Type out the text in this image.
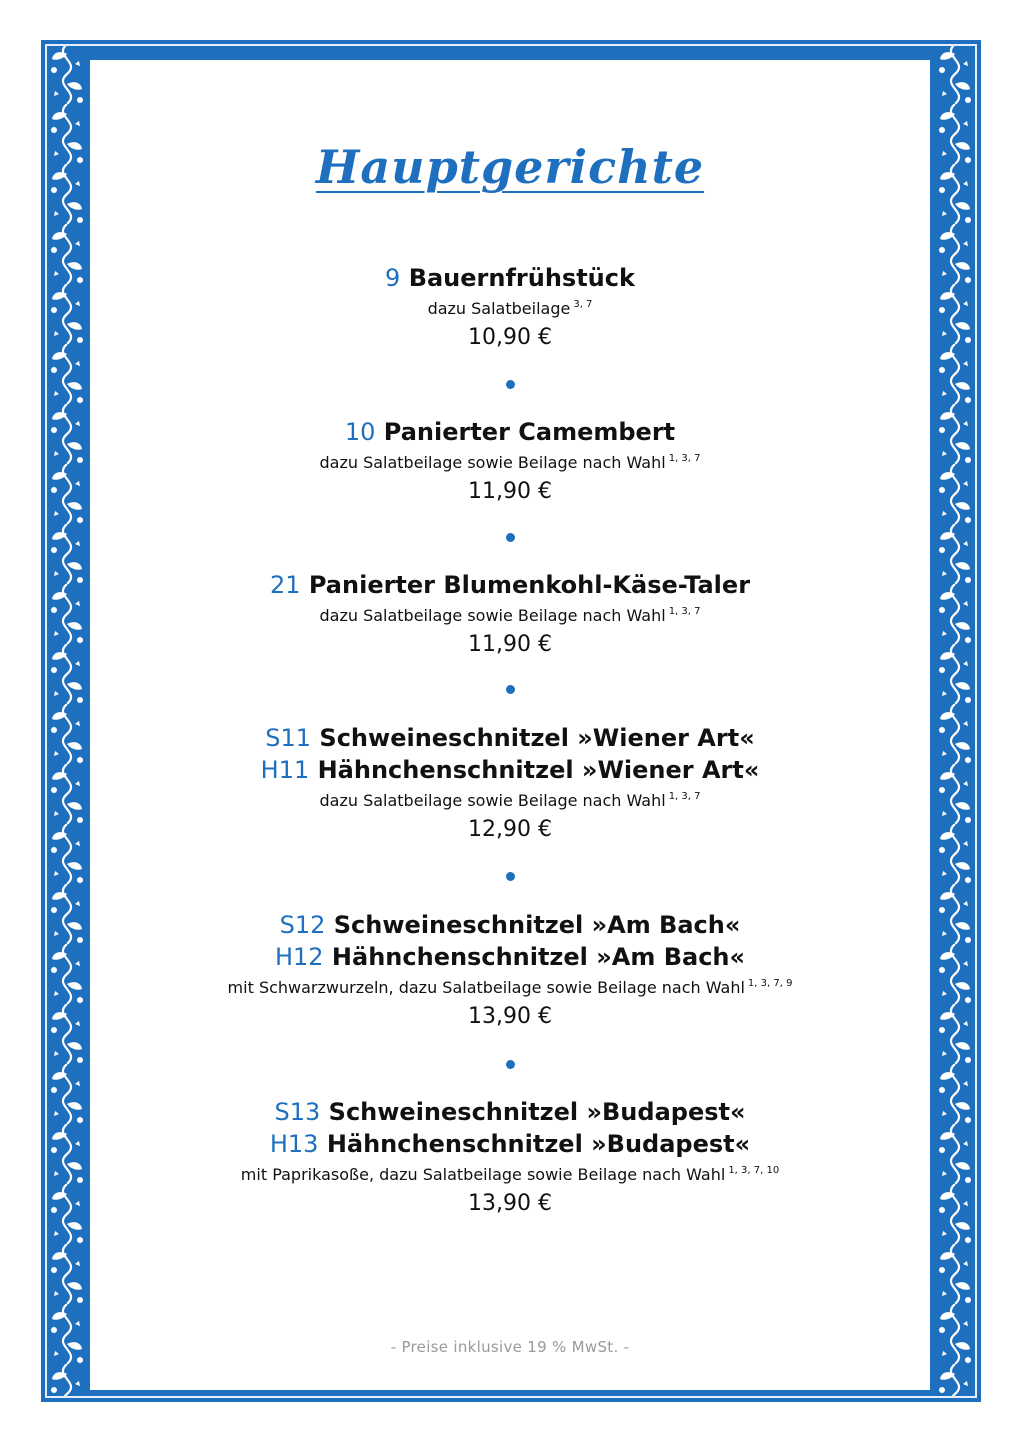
Hauptgerichte
9 Bauernfrühstück
dazu Salatbeilage $^{3, 7}$
10,90 €
10 Panierter Camembert
dazu Salatbeilage sowie Beilage nach Wahl $^{1, 3, 7}$
11,90 €
21 Panierter Blumenkohl-Käse-Taler
dazu Salatbeilage sowie Beilage nach Wahl $^{1, 3, 7}$
11,90 €
S11 Schweineschnitzel »Wiener Art«
H11 Hähnchenschnitzel »Wiener Art«
dazu Salatbeilage sowie Beilage nach Wahl $^{1, 3, 7}$
12,90 €
S12 Schweineschnitzel »Am Bach«
H12 Hähnchenschnitzel »Am Bach«
mit Schwarzwurzeln, dazu Salatbeilage sowie Beilage nach Wahl $^{1, 3, 7, 9}$
13,90 €
S13 Schweineschnitzel »Budapest«
H13 Hähnchenschnitzel »Budapest«
mit Paprikasoße, dazu Salatbeilage sowie Beilage nach Wahl $^{1, 3, 7, 10}$
13,90 €
- Preise inklusive 19 % MwSt. -
